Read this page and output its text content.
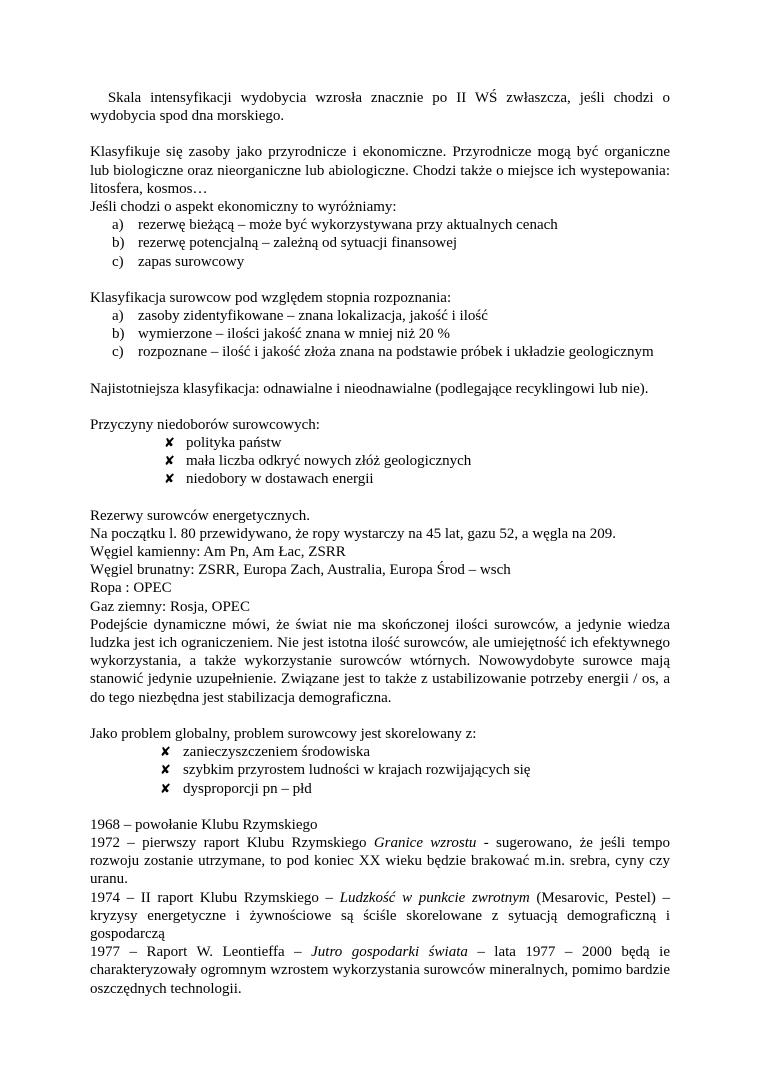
Skala intensyfikacji wydobycia wzrosła znacznie po II WŚ zwłaszcza, jeśli chodzi o wydobycia spod dna morskiego.

Klasyfikuje się zasoby jako przyrodnicze i ekonomiczne. Przyrodnicze mogą być organiczne lub biologiczne oraz nieorganiczne lub abiologiczne. Chodzi także o miejsce ich wystepowania: litosfera, kosmos…

Jeśli chodzi o aspekt ekonomiczny to wyróżniamy:

a) rezerwę bieżącą – może być wykorzystywana przy aktualnych cenach
b) rezerwę potencjalną – zależną od sytuacji finansowej
c) zapas surowcowy

Klasyfikacja surowcow pod względem stopnia rozpoznania:

a) zasoby zidentyfikowane – znana lokalizacja, jakość i ilość
b) wymierzone – ilości jakość znana w mniej niż 20 %
c) rozpoznane – ilość i jakość złoża znana na podstawie próbek i układzie geologicznym

Najistotniejsza klasyfikacja: odnawialne i nieodnawialne (podlegające recyklingowi lub nie).

Przyczyny niedoborów surowcowych:

✘ polityka państw
✘ mała liczba odkryć nowych złóż geologicznych
✘ niedobory w dostawach energii

Rezerwy surowców energetycznych.

Na początku l. 80 przewidywano, że ropy wystarczy na 45 lat, gazu 52, a węgla na 209.

Węgiel kamienny: Am Pn, Am Łac, ZSRR

Węgiel brunatny: ZSRR, Europa Zach, Australia, Europa Środ – wsch

Ropa : OPEC

Gaz ziemny: Rosja, OPEC

Podejście dynamiczne mówi, że świat nie ma skończonej ilości surowców, a jedynie wiedza ludzka jest ich ograniczeniem. Nie jest istotna ilość surowców, ale umiejętność ich efektywnego wykorzystania, a także wykorzystanie surowców wtórnych. Nowowydobyte surowce mają stanowić jedynie uzupełnienie. Związane jest to także z ustabilizowanie potrzeby energii / os, a do tego niezbędna jest stabilizacja demograficzna.

Jako problem globalny, problem surowcowy jest skorelowany z:

✘ zanieczyszczeniem środowiska
✘ szybkim przyrostem ludności w krajach rozwijających się
✘ dysproporcji pn – płd

1968 – powołanie Klubu Rzymskiego

1972 – pierwszy raport Klubu Rzymskiego Granice wzrostu - sugerowano, że jeśli tempo rozwoju zostanie utrzymane, to pod koniec XX wieku będzie brakować m.in. srebra, cyny czy uranu.

1974 – II raport Klubu Rzymskiego – Ludzkość w punkcie zwrotnym (Mesarovic, Pestel) – kryzysy energetyczne i żywnościowe są ściśle skorelowane z sytuacją demograficzną i gospodarczą

1977 – Raport W. Leontieffa – Jutro gospodarki świata – lata 1977 – 2000 będą ie charakteryzowały ogromnym wzrostem wykorzystania surowców mineralnych, pomimo bardzie oszczędnych technologii.
